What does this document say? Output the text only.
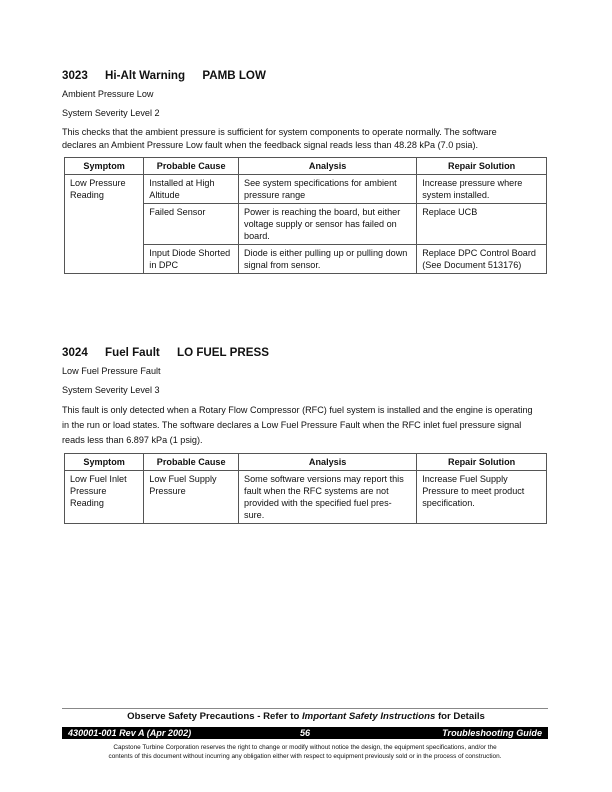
3023 Hi-Alt Warning PAMB LOW

Ambient Pressure Low

System Severity Level 2

This checks that the ambient pressure is sufficient for system components to operate normally. The software

declares an Ambient Pressure Low fault when the feedback signal reads less than 48.28 kPa (7.0 psia).

Symptom	Probable Cause	Analysis	Repair Solution
Low Pressure Reading	Installed at High Altitude	See system specifications for ambient pressure range	Increase pressure where system installed.
	Failed Sensor	Power is reaching the board, but either voltage supply or sensor has failed on board.	Replace UCB
	Input Diode Shorted in DPC	Diode is either pulling up or pulling down signal from sensor.	Replace DPC Control Board (See Document 513176)
3024 Fuel Fault LO FUEL PRESS

Low Fuel Pressure Fault

System Severity Level 3

This fault is only detected when a Rotary Flow Compressor (RFC) fuel system is installed and the engine is operating

in the run or load states. The software declares a Low Fuel Pressure Fault when the RFC inlet fuel pressure signal

reads less than 6.897 kPa (1 psig).

Symptom	Probable Cause	Analysis	Repair Solution
Low Fuel Inlet Pressure Reading	Low Fuel Supply Pressure	Some software versions may report this fault when the RFC systems are not provided with the specified fuel pres-sure.	Increase Fuel Supply Pressure to meet product specification.
Observe Safety Precautions - Refer to Important Safety Instructions for Details
430001-001 Rev A (Apr 2002)	56	Troubleshooting Guide
Capstone Turbine Corporation reserves the right to change or modify without notice the design, the equipment specifications, and/or the
contents of this document without incurring any obligation either with respect to equipment previously sold or in the process of construction.
